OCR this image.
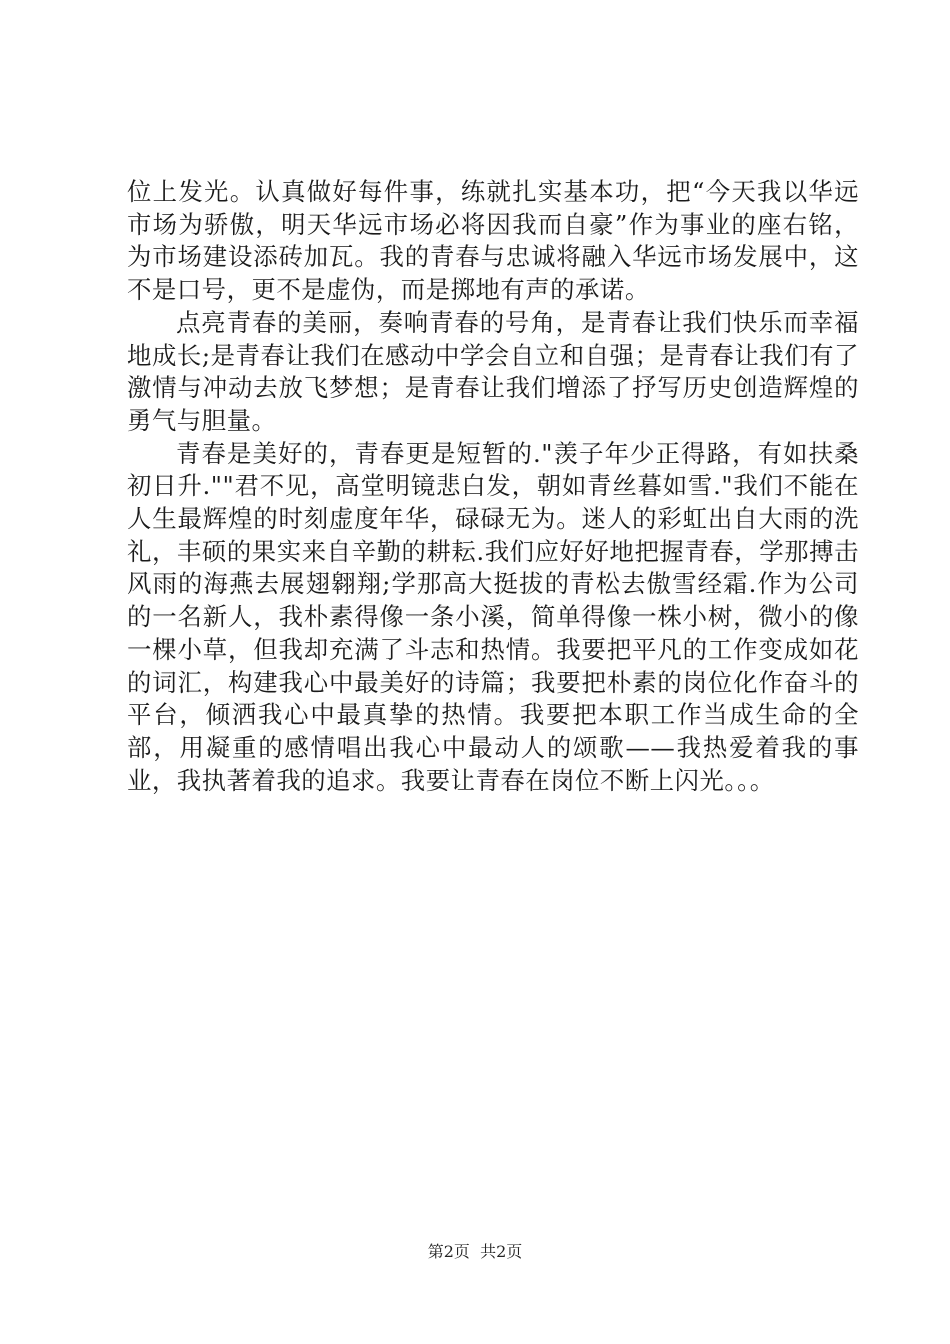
位上发光。认真做好每件事，练就扎实基本功，把“今天我以华远市场为骄傲，明天华远市场必将因我而自豪”作为事业的座右铭，为市场建设添砖加瓦。我的青春与忠诚将融入华远市场发展中，这不是口号，更不是虚伪，而是掷地有声的承诺。

点亮青春的美丽，奏响青春的号角，是青春让我们快乐而幸福地成长;是青春让我们在感动中学会自立和自强；是青春让我们有了激情与冲动去放飞梦想；是青春让我们增添了抒写历史创造辉煌的勇气与胆量。

青春是美好的，青春更是短暂的."羡子年少正得路，有如扶桑初日升.""君不见，高堂明镜悲白发，朝如青丝暮如雪."我们不能在人生最辉煌的时刻虚度年华，碌碌无为。迷人的彩虹出自大雨的洗礼，丰硕的果实来自辛勤的耕耘.我们应好好地把握青春，学那搏击风雨的海燕去展翅翱翔;学那高大挺拔的青松去傲雪经霜.作为公司的一名新人，我朴素得像一条小溪，简单得像一株小树，微小的像一棵小草，但我却充满了斗志和热情。我要把平凡的工作变成如花的词汇，构建我心中最美好的诗篇；我要把朴素的岗位化作奋斗的平台，倾洒我心中最真挚的热情。我要把本职工作当成生命的全部，用凝重的感情唱出我心中最动人的颂歌——我热爱着我的事业，我执著着我的追求。我要让青春在岗位不断上闪光。。。

第2页  共2页
